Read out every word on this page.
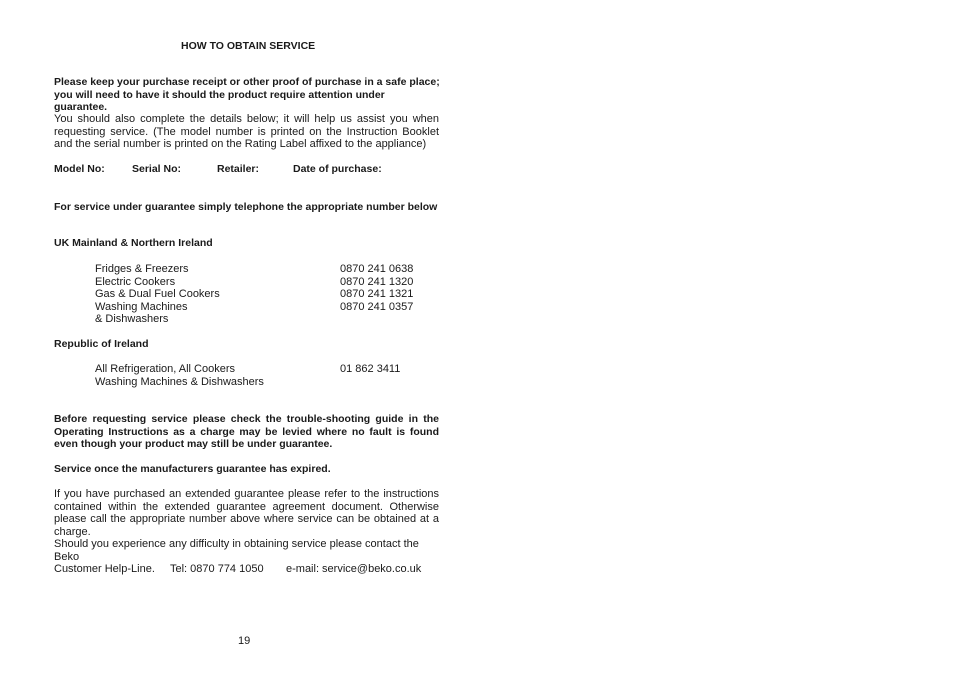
HOW TO OBTAIN SERVICE
Please keep your purchase receipt or other proof of purchase in a safe place;
you will need to have it should the product require attention under guarantee.
You should also complete the details below; it will help us assist you when requesting service. (The model number is printed on the Instruction Booklet and the serial number is printed on the Rating Label affixed to the appliance)
Model No:	Serial No:	Retailer:	Date of purchase:
For service under guarantee simply telephone the appropriate number below
UK Mainland & Northern Ireland
Fridges & Freezers	0870 241 0638
Electric Cookers	0870 241 1320
Gas & Dual Fuel Cookers	0870 241 1321
Washing Machines	0870 241 0357
& Dishwashers
Republic of Ireland
All Refrigeration, All Cookers	01 862 3411
Washing Machines & Dishwashers
Before requesting service please check the trouble-shooting guide in the Operating Instructions as a charge may be levied where no fault is found even though your product may still be under guarantee.
Service once the manufacturers guarantee has expired.
If you have purchased an extended guarantee please refer to the instructions contained within the extended guarantee agreement document. Otherwise please call the appropriate number above where service can be obtained at a charge.
Should you experience any difficulty in obtaining service please contact the Beko
Customer Help-Line. Tel: 0870 774 1050 e-mail: service@beko.co.uk
19
